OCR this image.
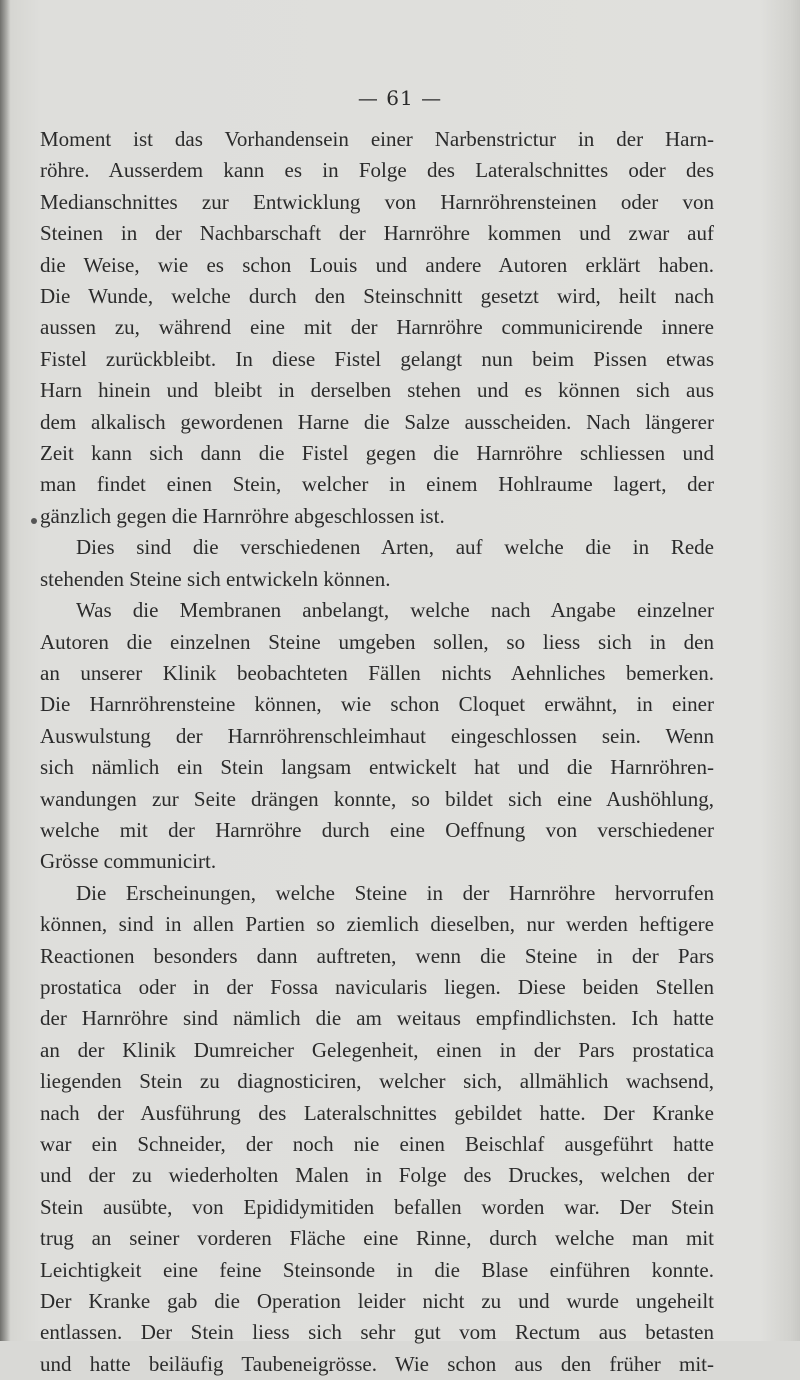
— 61 —

Moment ist das Vorhandensein einer Narbenstrictur in der Harn-

röhre. Ausserdem kann es in Folge des Lateralschnittes oder des

Medianschnittes zur Entwicklung von Harnröhrensteinen oder von

Steinen in der Nachbarschaft der Harnröhre kommen und zwar auf

die Weise, wie es schon Louis und andere Autoren erklärt haben.

Die Wunde, welche durch den Steinschnitt gesetzt wird, heilt nach

aussen zu, während eine mit der Harnröhre communicirende innere

Fistel zurückbleibt. In diese Fistel gelangt nun beim Pissen etwas

Harn hinein und bleibt in derselben stehen und es können sich aus

dem alkalisch gewordenen Harne die Salze ausscheiden. Nach längerer

Zeit kann sich dann die Fistel gegen die Harnröhre schliessen und

man findet einen Stein, welcher in einem Hohlraume lagert, der

gänzlich gegen die Harnröhre abgeschlossen ist.

Dies sind die verschiedenen Arten, auf welche die in Rede

stehenden Steine sich entwickeln können.

Was die Membranen anbelangt, welche nach Angabe einzelner

Autoren die einzelnen Steine umgeben sollen, so liess sich in den

an unserer Klinik beobachteten Fällen nichts Aehnliches bemerken.

Die Harnröhrensteine können, wie schon Cloquet erwähnt, in einer

Auswulstung der Harnröhrenschleimhaut eingeschlossen sein. Wenn

sich nämlich ein Stein langsam entwickelt hat und die Harnröhren-

wandungen zur Seite drängen konnte, so bildet sich eine Aushöhlung,

welche mit der Harnröhre durch eine Oeffnung von verschiedener

Grösse communicirt.

Die Erscheinungen, welche Steine in der Harnröhre hervorrufen

können, sind in allen Partien so ziemlich dieselben, nur werden heftigere

Reactionen besonders dann auftreten, wenn die Steine in der Pars

prostatica oder in der Fossa navicularis liegen. Diese beiden Stellen

der Harnröhre sind nämlich die am weitaus empfindlichsten. Ich hatte

an der Klinik Dumreicher Gelegenheit, einen in der Pars prostatica

liegenden Stein zu diagnosticiren, welcher sich, allmählich wachsend,

nach der Ausführung des Lateralschnittes gebildet hatte. Der Kranke

war ein Schneider, der noch nie einen Beischlaf ausgeführt hatte

und der zu wiederholten Malen in Folge des Druckes, welchen der

Stein ausübte, von Epididymitiden befallen worden war. Der Stein

trug an seiner vorderen Fläche eine Rinne, durch welche man mit

Leichtigkeit eine feine Steinsonde in die Blase einführen konnte.

Der Kranke gab die Operation leider nicht zu und wurde ungeheilt

entlassen. Der Stein liess sich sehr gut vom Rectum aus betasten

und hatte beiläufig Taubeneigrösse. Wie schon aus den früher mit-
